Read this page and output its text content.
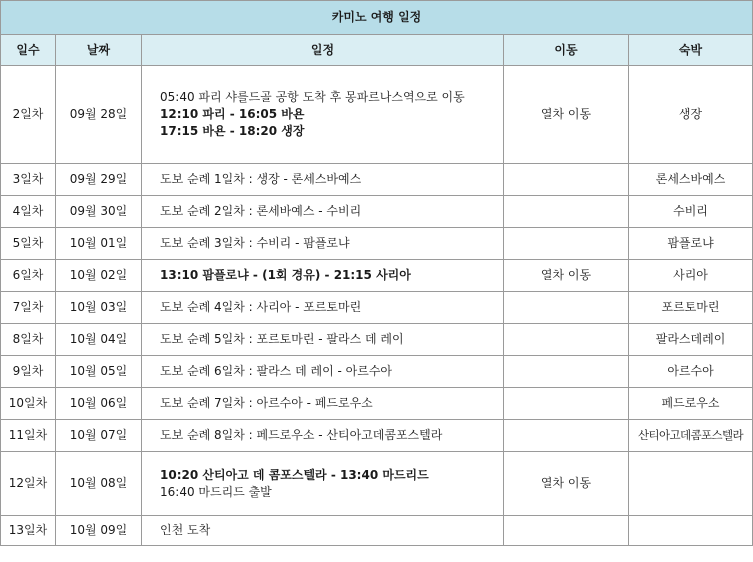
카미노 여행 일정				
일수	날짜	일정	이동	숙박
2일차	09월 28일	05:40 파리 샤를드골 공항 도착 후 몽파르나스역으로 이동
12:10 파리 - 16:05 바욘
17:15 바욘 - 18:20 생장	열차 이동	생장
3일차	09월 29일	도보 순례 1일차 : 생장 - 론세스바예스		론세스바예스
4일차	09월 30일	도보 순례 2일차 : 론세바예스 - 수비리		수비리
5일차	10월 01일	도보 순례 3일차 : 수비리 - 팜플로냐		팜플로냐
6일차	10월 02일	13:10 팜플로냐 - (1회 경유) - 21:15 사리아	열차 이동	사리아
7일차	10월 03일	도보 순례 4일차 : 사리아 - 포르토마린		포르토마린
8일차	10월 04일	도보 순례 5일차 : 포르토마린 - 팔라스 데 레이		팔라스데레이
9일차	10월 05일	도보 순례 6일차 : 팔라스 데 레이 - 아르수아		아르수아
10일차	10월 06일	도보 순례 7일차 : 아르수아 - 페드로우소		페드로우소
11일차	10월 07일	도보 순례 8일차 : 페드로우소 - 산티아고데콤포스텔라		산티아고데콤포스텔라
12일차	10월 08일	10:20 산티아고 데 콤포스텔라 - 13:40 마드리드
16:40 마드리드 출발	열차 이동	
13일차	10월 09일	인천 도착		
